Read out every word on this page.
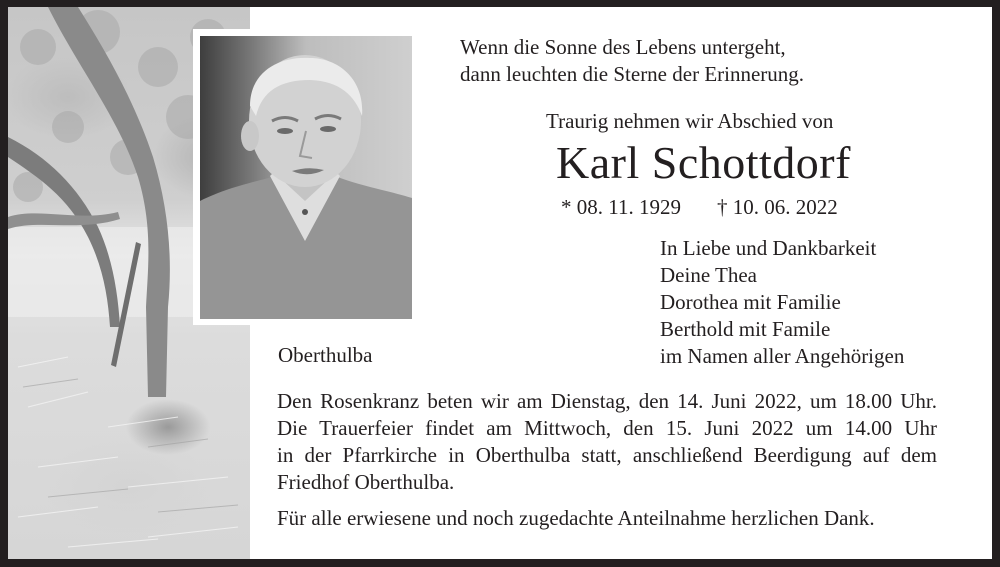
Wenn die Sonne des Lebens untergeht,
dann leuchten die Sterne der Erinnerung.
Traurig nehmen wir Abschied von
Karl Schottdorf
* 08. 11. 1929 † 10. 06. 2022
In Liebe und Dankbarkeit
Deine Thea
Dorothea mit Familie
Berthold mit Famile
im Namen aller Angehörigen
Oberthulba
Den Rosenkranz beten wir am Dienstag, den 14. Juni 2022, um 18.00 Uhr.
Die Trauerfeier findet am Mittwoch, den 15. Juni 2022 um 14.00 Uhr
in der Pfarrkirche in Oberthulba statt, anschließend Beerdigung auf dem
Friedhof Oberthulba.
Für alle erwiesene und noch zugedachte Anteilnahme herzlichen Dank.
